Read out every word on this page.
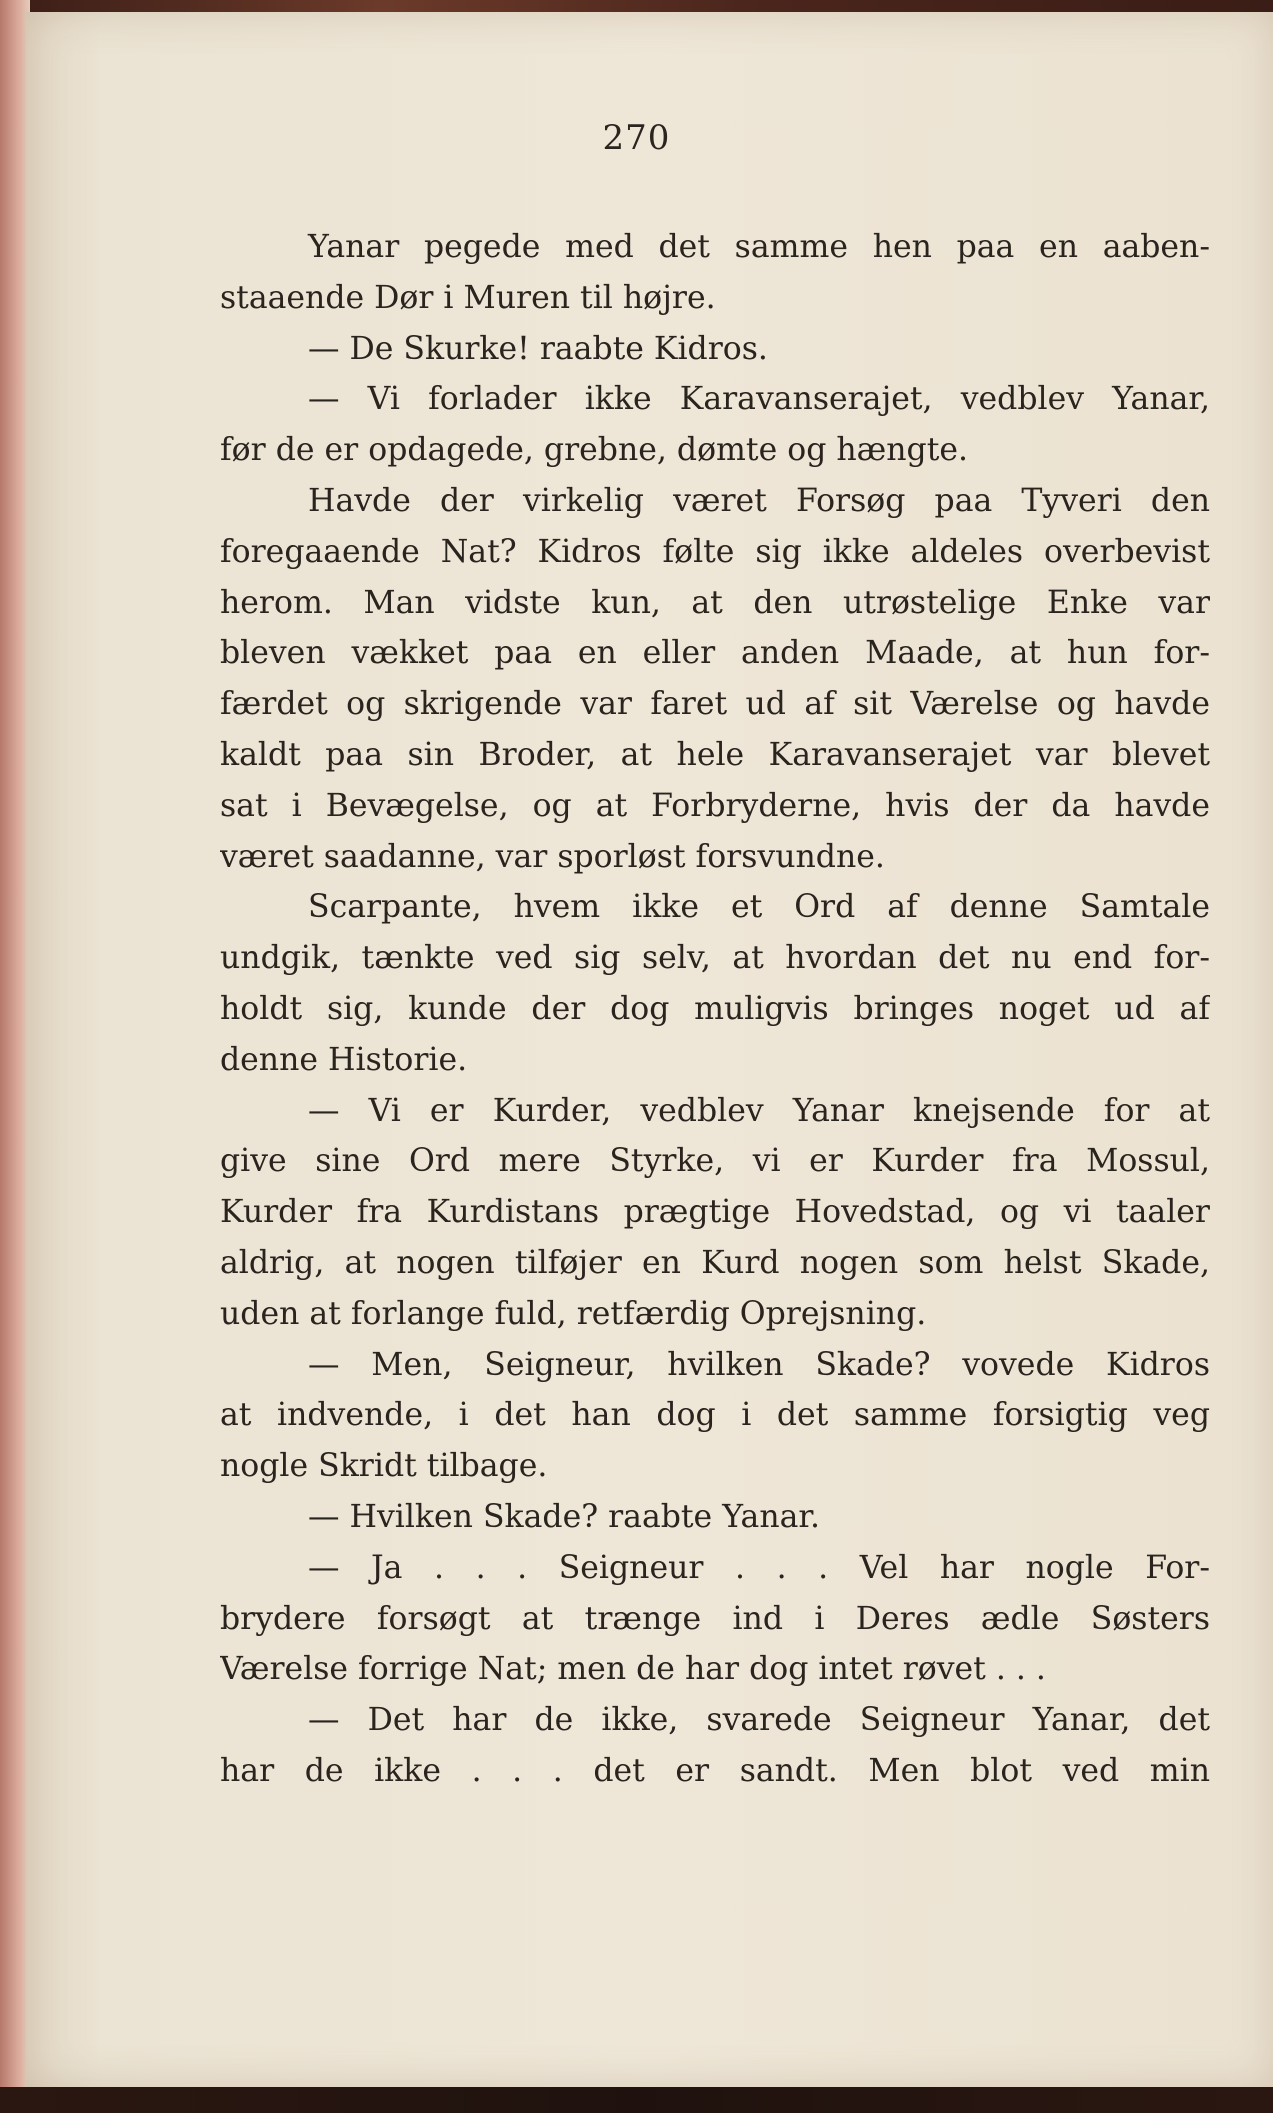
270
Yanar pegede med det samme hen paa en aaben-
staaende Dør i Muren til højre.
— De Skurke! raabte Kidros.
— Vi forlader ikke Karavanserajet, vedblev Yanar,
før de er opdagede, grebne, dømte og hængte.
Havde der virkelig været Forsøg paa Tyveri den
foregaaende Nat? Kidros følte sig ikke aldeles overbevist
herom. Man vidste kun, at den utrøstelige Enke var
bleven vækket paa en eller anden Maade, at hun for-
færdet og skrigende var faret ud af sit Værelse og havde
kaldt paa sin Broder, at hele Karavanserajet var blevet
sat i Bevægelse, og at Forbryderne, hvis der da havde
været saadanne, var sporløst forsvundne.
Scarpante, hvem ikke et Ord af denne Samtale
undgik, tænkte ved sig selv, at hvordan det nu end for-
holdt sig, kunde der dog muligvis bringes noget ud af
denne Historie.
— Vi er Kurder, vedblev Yanar knejsende for at
give sine Ord mere Styrke, vi er Kurder fra Mossul,
Kurder fra Kurdistans prægtige Hovedstad, og vi taaler
aldrig, at nogen tilføjer en Kurd nogen som helst Skade,
uden at forlange fuld, retfærdig Oprejsning.
— Men, Seigneur, hvilken Skade? vovede Kidros
at indvende, i det han dog i det samme forsigtig veg
nogle Skridt tilbage.
— Hvilken Skade? raabte Yanar.
— Ja . . . Seigneur . . . Vel har nogle For-
brydere forsøgt at trænge ind i Deres ædle Søsters
Værelse forrige Nat; men de har dog intet røvet . . .
— Det har de ikke, svarede Seigneur Yanar, det
har de ikke . . . det er sandt. Men blot ved min
